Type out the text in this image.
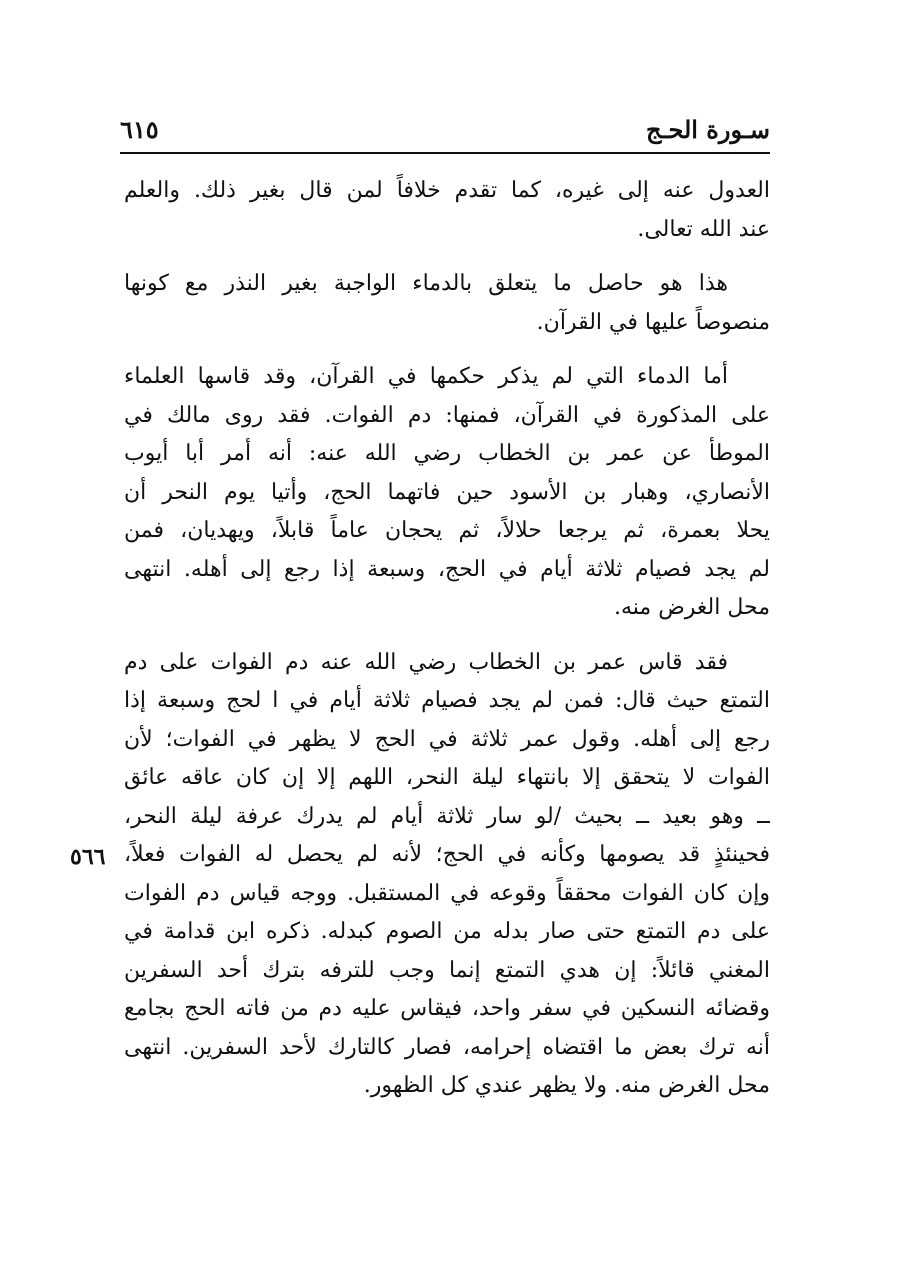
سـورة الحـج
٦١٥
٥٦٦
العدول عنه إلى غيره، كما تقدم خلافاً لمن قال بغير ذلك. والعلم
عند الله تعالى.
هذا هو حاصل ما يتعلق بالدماء الواجبة بغير النذر مع كونها
منصوصاً عليها في القرآن.
أما الدماء التي لم يذكر حكمها في القرآن، وقد قاسها العلماء
على المذكورة في القرآن، فمنها: دم الفوات. فقد روى مالك في
الموطأ عن عمر بن الخطاب رضي الله عنه: أنه أمر أبا أيوب
الأنصاري، وهبار بن الأسود حين فاتهما الحج، وأتيا يوم النحر أن
يحلا بعمرة، ثم يرجعا حلالاً، ثم يحجان عاماً قابلاً، ويهديان، فمن
لم يجد فصيام ثلاثة أيام في الحج، وسبعة إذا رجع إلى أهله. انتهى
محل الغرض منه.
فقد قاس عمر بن الخطاب رضي الله عنه دم الفوات على دم
التمتع حيث قال: فمن لم يجد فصيام ثلاثة أيام في ا لحج وسبعة إذا
رجع إلى أهله. وقول عمر ثلاثة في الحج لا يظهر في الفوات؛ لأن
الفوات لا يتحقق إلا بانتهاء ليلة النحر، اللهم إلا إن كان عاقه عائق
ــ وهو بعيد ــ بحيث /لو سار ثلاثة أيام لم يدرك عرفة ليلة النحر،
فحينئذٍ قد يصومها وكأنه في الحج؛ لأنه لم يحصل له الفوات فعلاً،
وإن كان الفوات محققاً وقوعه في المستقبل. ووجه قياس دم الفوات
على دم التمتع حتى صار بدله من الصوم كبدله. ذكره ابن قدامة في
المغني قائلاً: إن هدي التمتع إنما وجب للترفه بترك أحد السفرين
وقضائه النسكين في سفر واحد، فيقاس عليه دم من فاته الحج بجامع
أنه ترك بعض ما اقتضاه إحرامه، فصار كالتارك لأحد السفرين. انتهى
محل الغرض منه. ولا يظهر عندي كل الظهور.
